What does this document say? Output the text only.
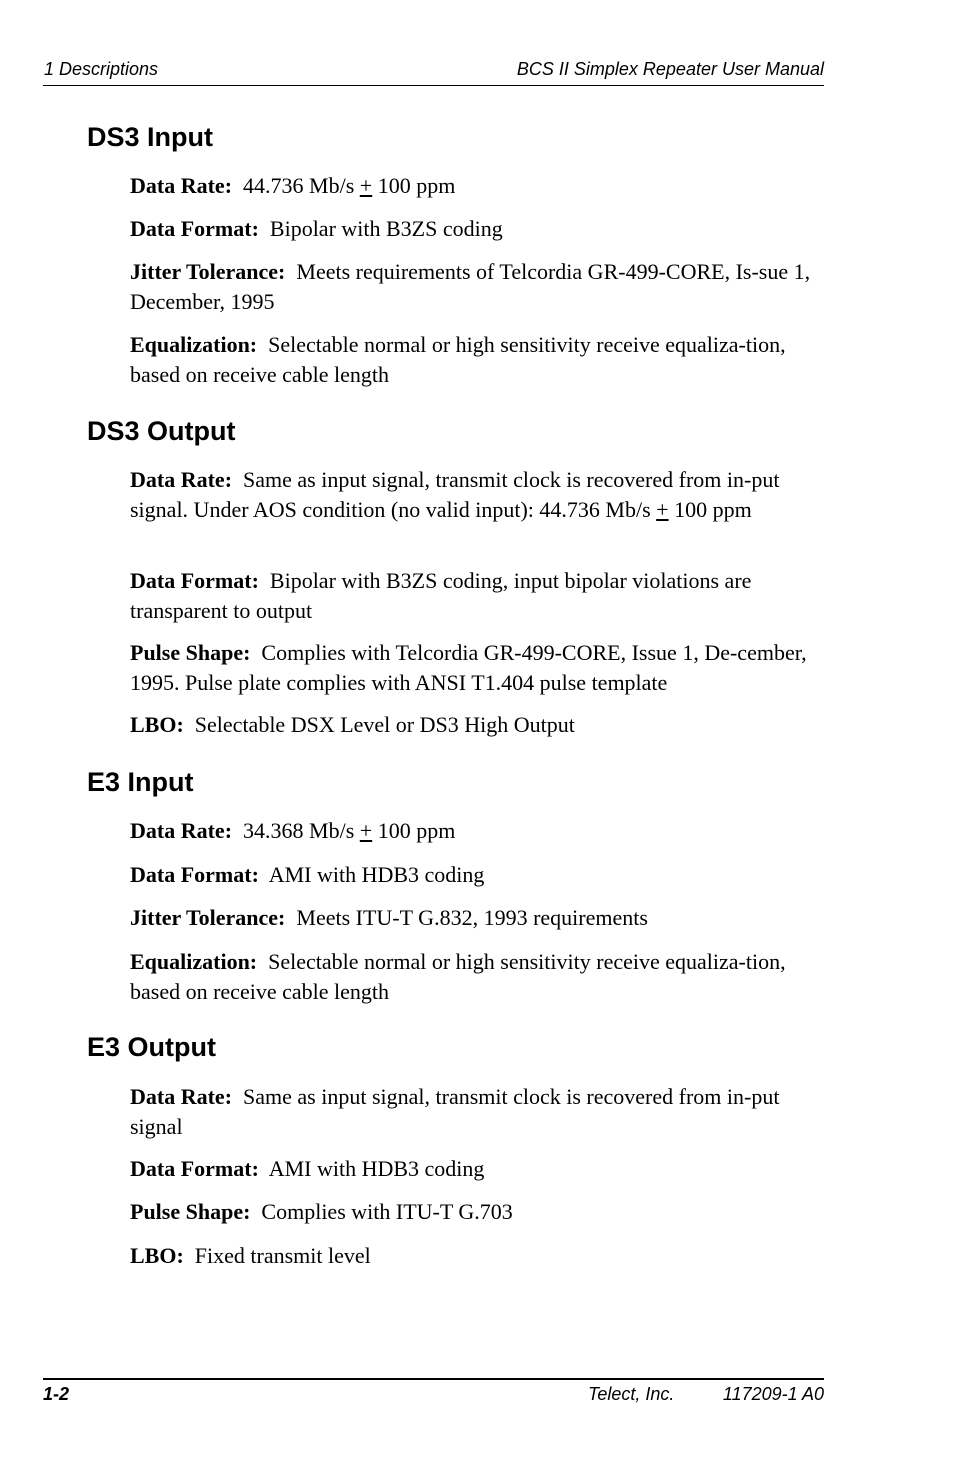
1 Descriptions	BCS II Simplex Repeater User Manual
DS3 Input

Data Rate: 44.736 Mb/s + 100 ppm

Data Format: Bipolar with B3ZS coding

Jitter Tolerance: Meets requirements of Telcordia GR-499-CORE, Is-sue 1, December, 1995

Equalization: Selectable normal or high sensitivity receive equaliza-tion, based on receive cable length

DS3 Output

Data Rate: Same as input signal, transmit clock is recovered from in-put signal. Under AOS condition (no valid input): 44.736 Mb/s + 100 ppm

Data Format: Bipolar with B3ZS coding, input bipolar violations are transparent to output

Pulse Shape: Complies with Telcordia GR-499-CORE, Issue 1, De-cember, 1995. Pulse plate complies with ANSI T1.404 pulse template

LBO: Selectable DSX Level or DS3 High Output

E3 Input

Data Rate: 34.368 Mb/s + 100 ppm

Data Format: AMI with HDB3 coding

Jitter Tolerance: Meets ITU-T G.832, 1993 requirements

Equalization: Selectable normal or high sensitivity receive equaliza-tion, based on receive cable length

E3 Output

Data Rate: Same as input signal, transmit clock is recovered from in-put signal

Data Format: AMI with HDB3 coding

Pulse Shape: Complies with ITU-T G.703

LBO: Fixed transmit level

1-2	Telect, Inc.	117209-1 A0
